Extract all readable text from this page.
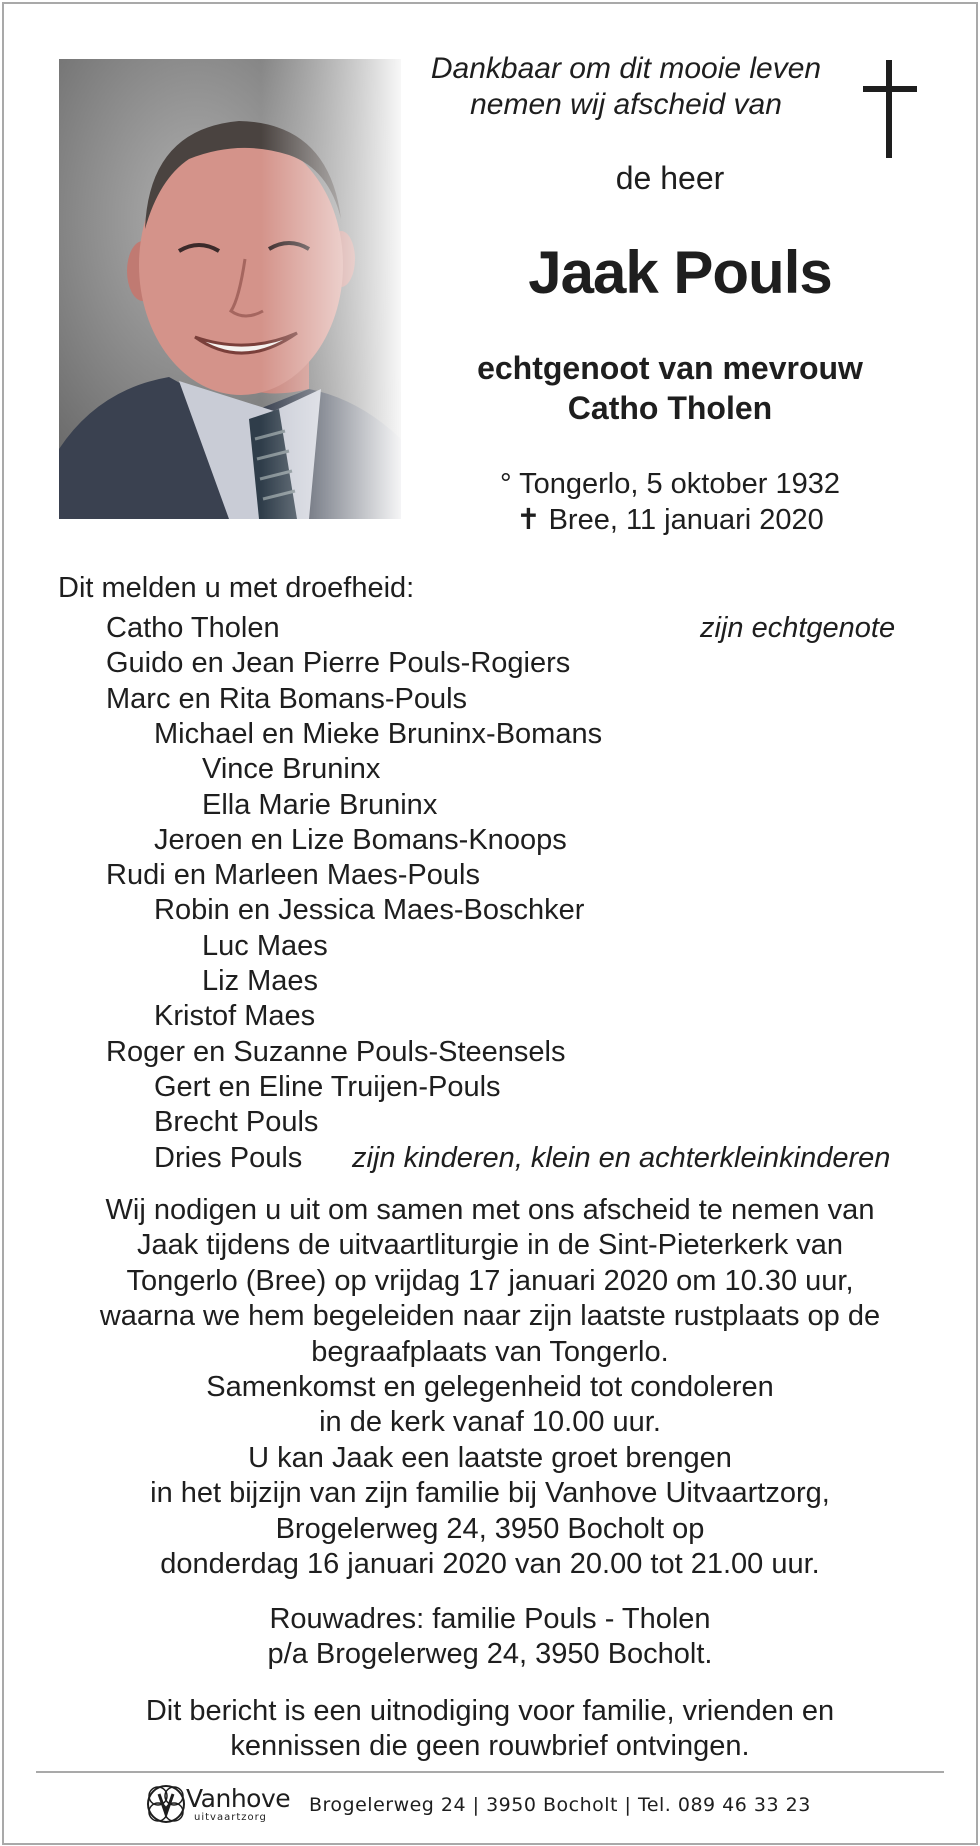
Dankbaar om dit mooie leven
nemen wij afscheid van
de heer
Jaak Pouls
echtgenoot van mevrouw
Catho Tholen
° Tongerlo, 5 oktober 1932
✝ Bree, 11 januari 2020
Dit melden u met droefheid:
Catho Tholen	zijn echtgenote
Guido en Jean Pierre Pouls-Rogiers
Marc en Rita Bomans-Pouls
Michael en Mieke Bruninx-Bomans
Vince Bruninx
Ella Marie Bruninx
Jeroen en Lize Bomans-Knoops
Rudi en Marleen Maes-Pouls
Robin en Jessica Maes-Boschker
Luc Maes
Liz Maes
Kristof Maes
Roger en Suzanne Pouls-Steensels
Gert en Eline Truijen-Pouls
Brecht Pouls
Dries Pouls zijn kinderen, klein en achterkleinkinderen
Wij nodigen u uit om samen met ons afscheid te nemen van
Jaak tijdens de uitvaartliturgie in de Sint-Pieterkerk van
Tongerlo (Bree) op vrijdag 17 januari 2020 om 10.30 uur,
waarna we hem begeleiden naar zijn laatste rustplaats op de
begraafplaats van Tongerlo.
Samenkomst en gelegenheid tot condoleren
in de kerk vanaf 10.00 uur.
U kan Jaak een laatste groet brengen
in het bijzijn van zijn familie bij Vanhove Uitvaartzorg,
Brogelerweg 24, 3950 Bocholt op
donderdag 16 januari 2020 van 20.00 tot 21.00 uur.
Rouwadres: familie Pouls - Tholen
p/a Brogelerweg 24, 3950 Bocholt.
Dit bericht is een uitnodiging voor familie, vrienden en
kennissen die geen rouwbrief ontvingen.
Vanhove
uitvaartzorg
Brogelerweg 24 | 3950 Bocholt | Tel. 089 46 33 23
